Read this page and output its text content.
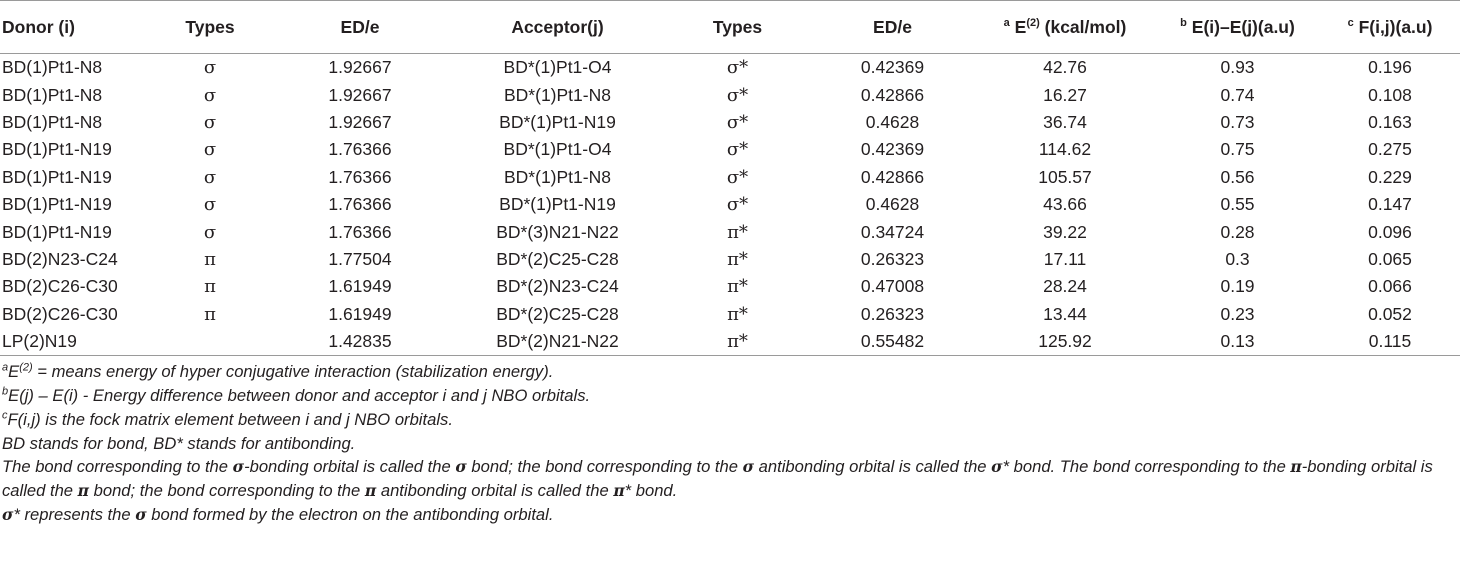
Donor (i)	Types	ED/e	Acceptor(j)	Types	ED/e	$^a$ $E^{(2)}$ (kcal/mol)	$^b$ E(i)–E(j)(a.u)	$^c$ F(i,j)(a.u)
BD(1)Pt1-N8	σ	1.92667	BD*(1)Pt1-O4	σ*	0.42369	42.76	0.93	0.196
BD(1)Pt1-N8	σ	1.92667	BD*(1)Pt1-N8	σ*	0.42866	16.27	0.74	0.108
BD(1)Pt1-N8	σ	1.92667	BD*(1)Pt1-N19	σ*	0.4628	36.74	0.73	0.163
BD(1)Pt1-N19	σ	1.76366	BD*(1)Pt1-O4	σ*	0.42369	114.62	0.75	0.275
BD(1)Pt1-N19	σ	1.76366	BD*(1)Pt1-N8	σ*	0.42866	105.57	0.56	0.229
BD(1)Pt1-N19	σ	1.76366	BD*(1)Pt1-N19	σ*	0.4628	43.66	0.55	0.147
BD(1)Pt1-N19	σ	1.76366	BD*(3)N21-N22	π*	0.34724	39.22	0.28	0.096
BD(2)N23-C24	π	1.77504	BD*(2)C25-C28	π*	0.26323	17.11	0.3	0.065
BD(2)C26-C30	π	1.61949	BD*(2)N23-C24	π*	0.47008	28.24	0.19	0.066
BD(2)C26-C30	π	1.61949	BD*(2)C25-C28	π*	0.26323	13.44	0.23	0.052
LP(2)N19		1.42835	BD*(2)N21-N22	π*	0.55482	125.92	0.13	0.115

$^aE^{(2)}$ = means energy of hyper conjugative interaction (stabilization energy).

$^b$E(j) – E(i) - Energy difference between donor and acceptor i and j NBO orbitals.

$^c$F(i,j) is the fock matrix element between i and j NBO orbitals.

BD stands for bond, BD* stands for antibonding.

The bond corresponding to the σ-bonding orbital is called the σ bond; the bond corresponding to the σ antibonding orbital is called the σ* bond. The bond corresponding to the π-bonding orbital is called the π bond; the bond corresponding to the π antibonding orbital is called the π* bond.

σ* represents the σ bond formed by the electron on the antibonding orbital.
